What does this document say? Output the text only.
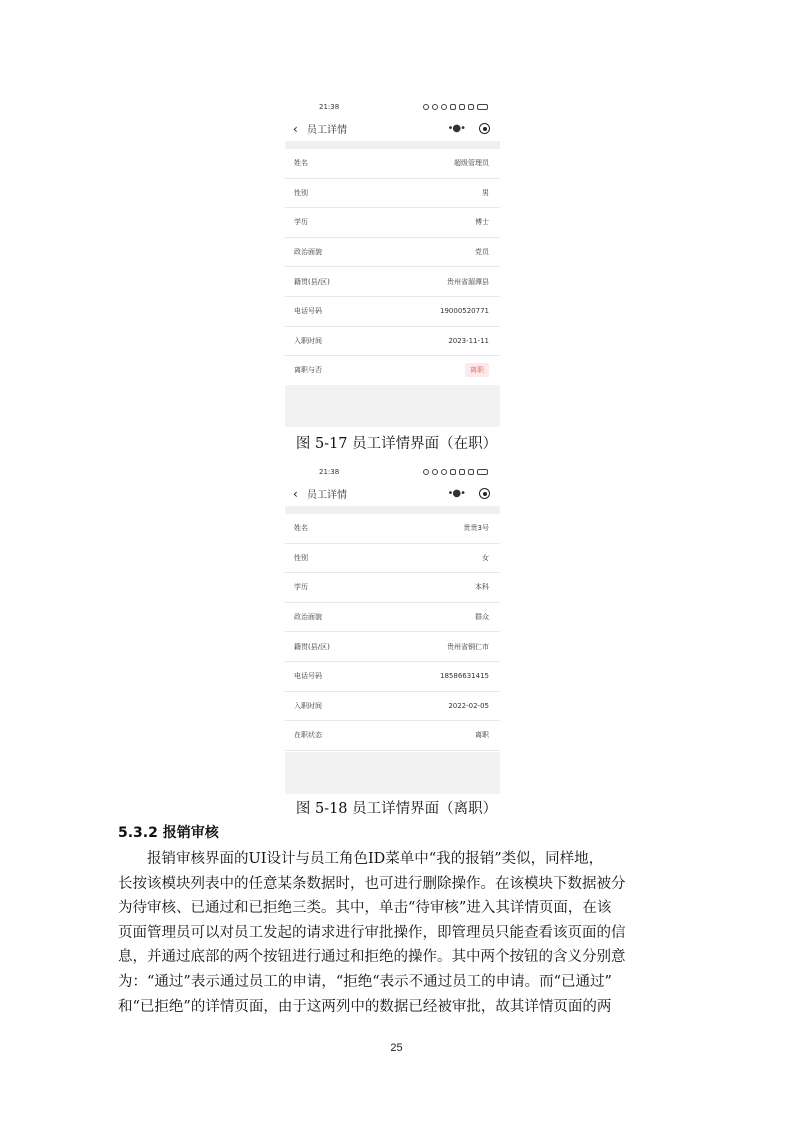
21:38
‹ 员工详情	•●•
姓名	超级管理员
性别	男
学历	博士
政治面貌	党员
籍贯(县/区)	贵州省湄潭县
电话号码	19000520771
入职时间	2023-11-11
离职与否	离职
图 5-17 员工详情界面（在职）
21:38
‹ 员工详情	•●•
姓名	贵贵3号
性别	女
学历	本科
政治面貌	群众
籍贯(县/区)	贵州省铜仁市
电话号码	18586631415
入职时间	2022-02-05
在职状态	离职
图 5-18 员工详情界面（离职）
5.3.2 报销审核
报销审核界面的UI设计与员工角色ID菜单中“我的报销”类似，同样地，
长按该模块列表中的任意某条数据时，也可进行删除操作。在该模块下数据被分
为待审核、已通过和已拒绝三类。其中，单击“待审核”进入其详情页面，在该
页面管理员可以对员工发起的请求进行审批操作，即管理员只能查看该页面的信
息，并通过底部的两个按钮进行通过和拒绝的操作。其中两个按钮的含义分别意
为：“通过”表示通过员工的申请，“拒绝“表示不通过员工的申请。而“已通过”
和“已拒绝”的详情页面，由于这两列中的数据已经被审批，故其详情页面的两
25
